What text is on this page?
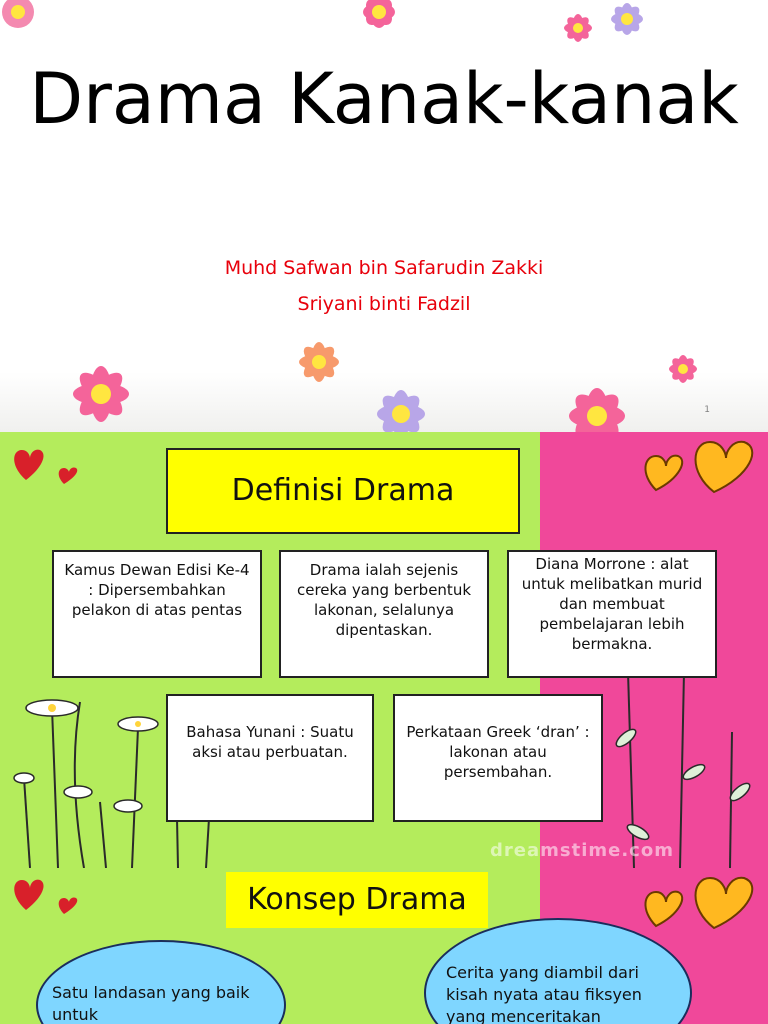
Drama Kanak-kanak
Muhd Safwan bin Safarudin Zakki
Sriyani binti Fadzil
1
Definisi Drama
Kamus Dewan Edisi Ke-4 : Dipersembahkan pelakon di atas pentas
Drama ialah sejenis cereka yang berbentuk lakonan, selalunya dipentaskan.
Diana Morrone : alat untuk melibatkan murid dan membuat pembelajaran lebih bermakna.
Bahasa Yunani : Suatu aksi atau perbuatan.
Perkataan Greek ‘dran’ : lakonan atau persembahan.
dreamstime.com
Konsep Drama
Satu landasan yang baik untuk
Cerita yang diambil dari kisah nyata atau fiksyen yang menceritakan
